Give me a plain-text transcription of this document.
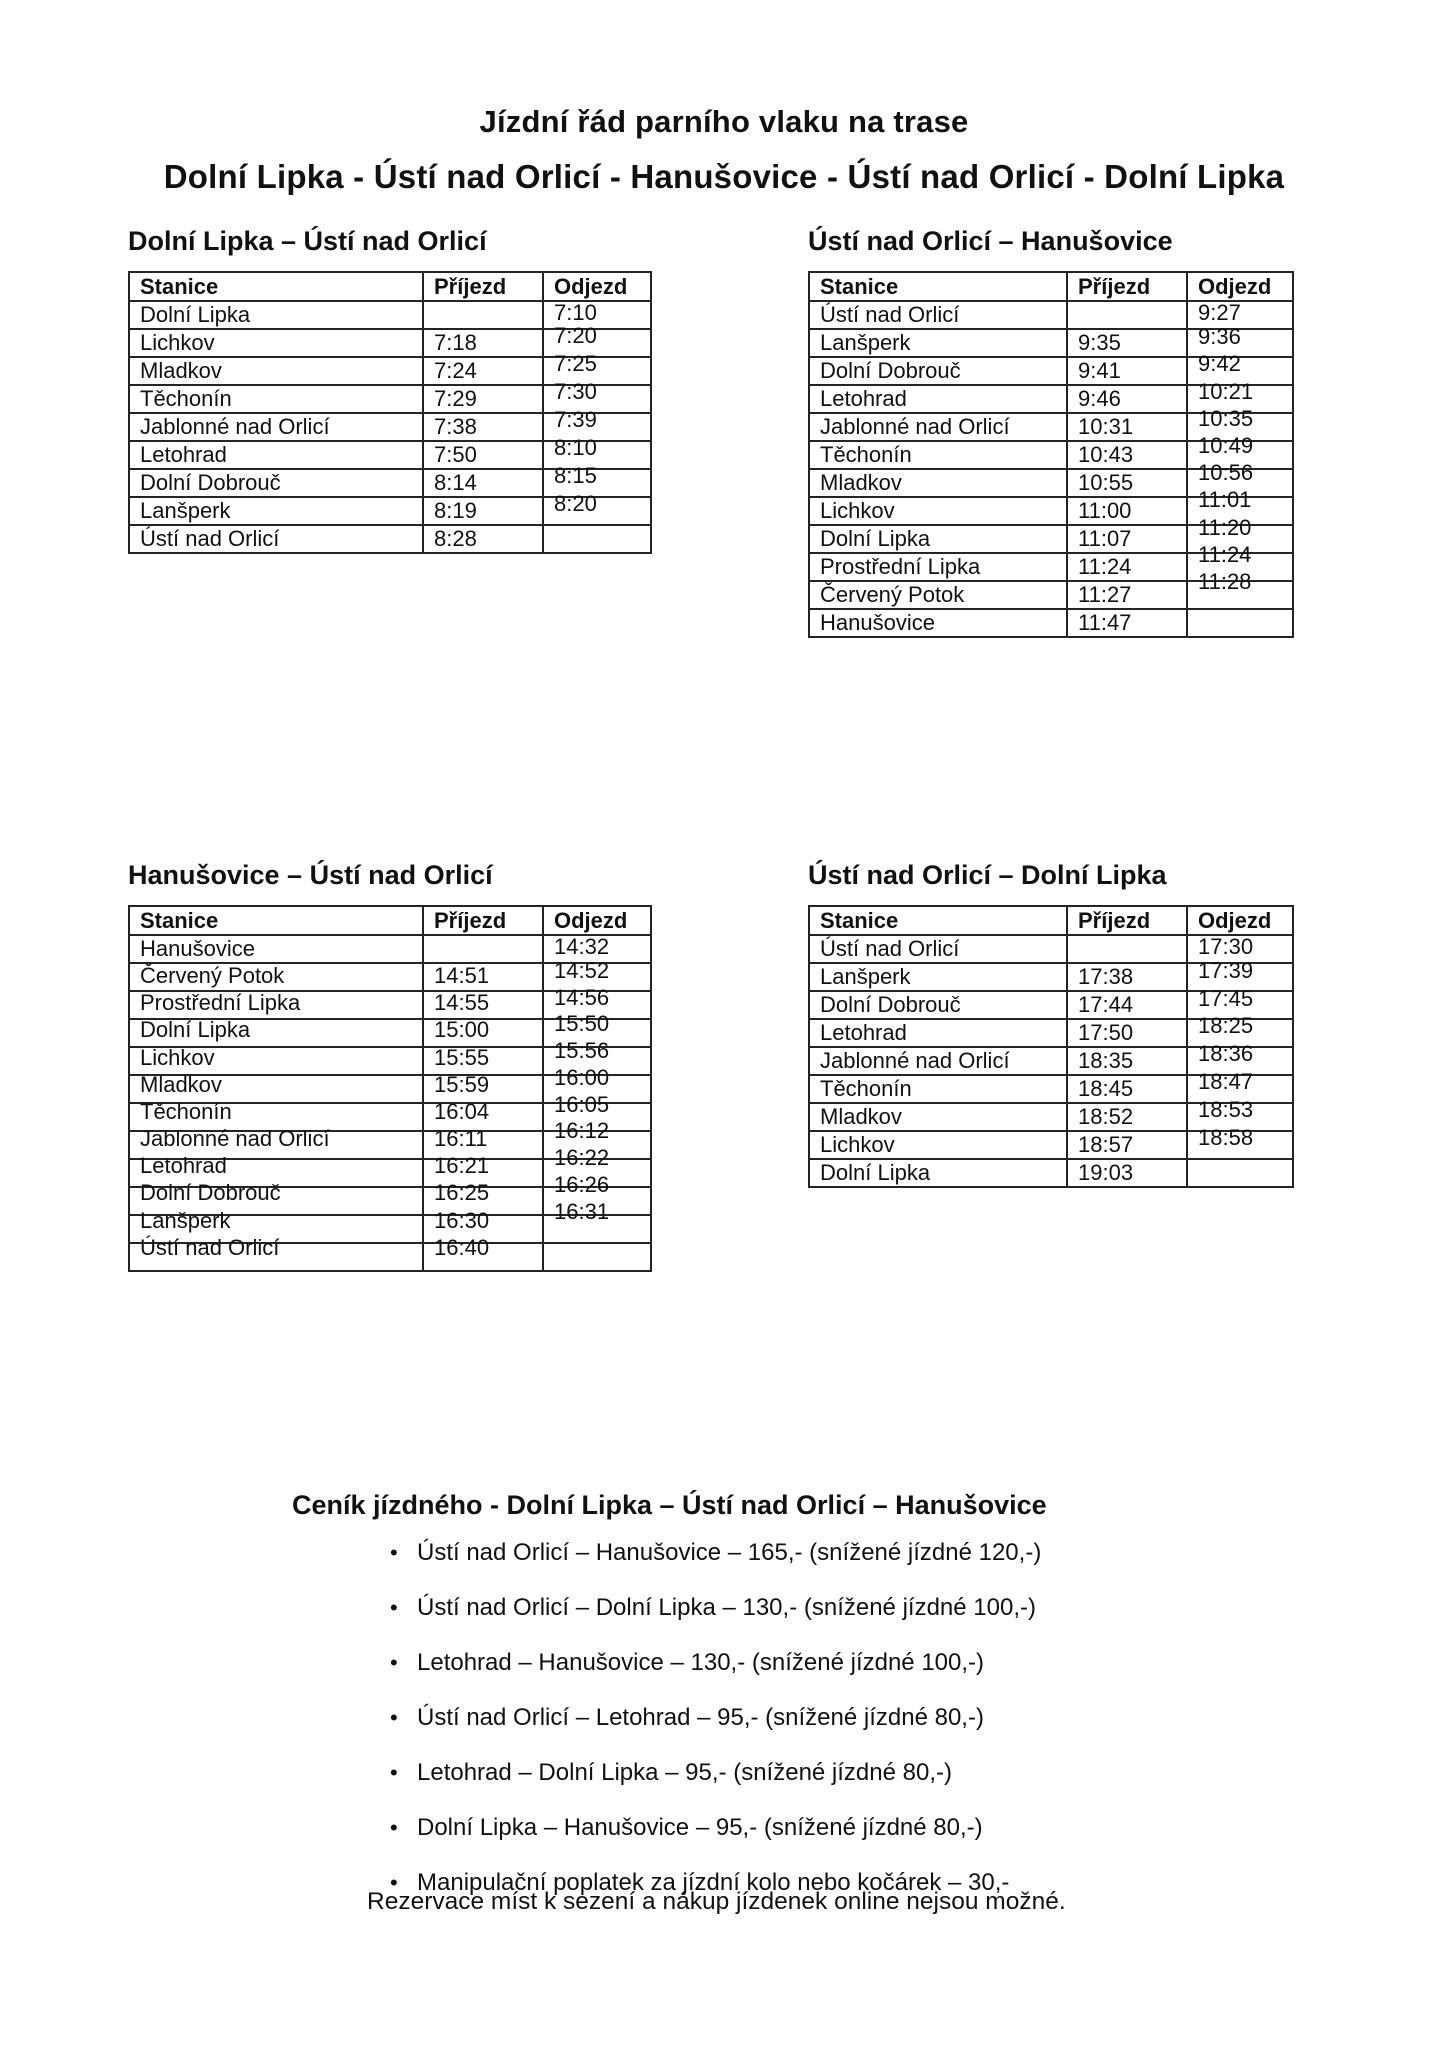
Jízdní řád parního vlaku na trase
Dolní Lipka - Ústí nad Orlicí - Hanušovice - Ústí nad Orlicí - Dolní Lipka
Dolní Lipka – Ústí nad Orlicí
Stanice	Příjezd	Odjezd
Dolní Lipka		7:10
Lichkov	7:18	7:20
Mladkov	7:24	7:25
Těchonín	7:29	7:30
Jablonné nad Orlicí	7:38	7:39
Letohrad	7:50	8:10
Dolní Dobrouč	8:14	8:15
Lanšperk	8:19	8:20
Ústí nad Orlicí	8:28	
Ústí nad Orlicí – Hanušovice
Stanice	Příjezd	Odjezd
Ústí nad Orlicí		9:27
Lanšperk	9:35	9:36
Dolní Dobrouč	9:41	9:42
Letohrad	9:46	10:21
Jablonné nad Orlicí	10:31	10:35
Těchonín	10:43	10:49
Mladkov	10:55	10:56
Lichkov	11:00	11:01
Dolní Lipka	11:07	11:20
Prostřední Lipka	11:24	11:24
Červený Potok	11:27	11:28
Hanušovice	11:47	
Hanušovice – Ústí nad Orlicí
Stanice	Příjezd	Odjezd
Hanušovice		14:32
Červený Potok	14:51	14:52
Prostřední Lipka	14:55	14:56
Dolní Lipka	15:00	15:50
Lichkov	15:55	15:56
Mladkov	15:59	16:00
Těchonín	16:04	16:05
Jablonné nad Orlicí	16:11	16:12
Letohrad	16:21	16:22
Dolní Dobrouč	16:25	16:26
Lanšperk	16:30	16:31
Ústí nad Orlicí	16:40	
Ústí nad Orlicí – Dolní Lipka
Stanice	Příjezd	Odjezd
Ústí nad Orlicí		17:30
Lanšperk	17:38	17:39
Dolní Dobrouč	17:44	17:45
Letohrad	17:50	18:25
Jablonné nad Orlicí	18:35	18:36
Těchonín	18:45	18:47
Mladkov	18:52	18:53
Lichkov	18:57	18:58
Dolní Lipka	19:03	
Ceník jízdného - Dolní Lipka – Ústí nad Orlicí – Hanušovice
• Ústí nad Orlicí – Hanušovice – 165,- (snížené jízdné 120,-)
• Ústí nad Orlicí – Dolní Lipka – 130,- (snížené jízdné 100,-)
• Letohrad – Hanušovice – 130,- (snížené jízdné 100,-)
• Ústí nad Orlicí – Letohrad – 95,- (snížené jízdné 80,-)
• Letohrad – Dolní Lipka – 95,- (snížené jízdné 80,-)
• Dolní Lipka – Hanušovice – 95,- (snížené jízdné 80,-)
• Manipulační poplatek za jízdní kolo nebo kočárek – 30,-
Rezervace míst k sezení a nákup jízdenek online nejsou možné.
